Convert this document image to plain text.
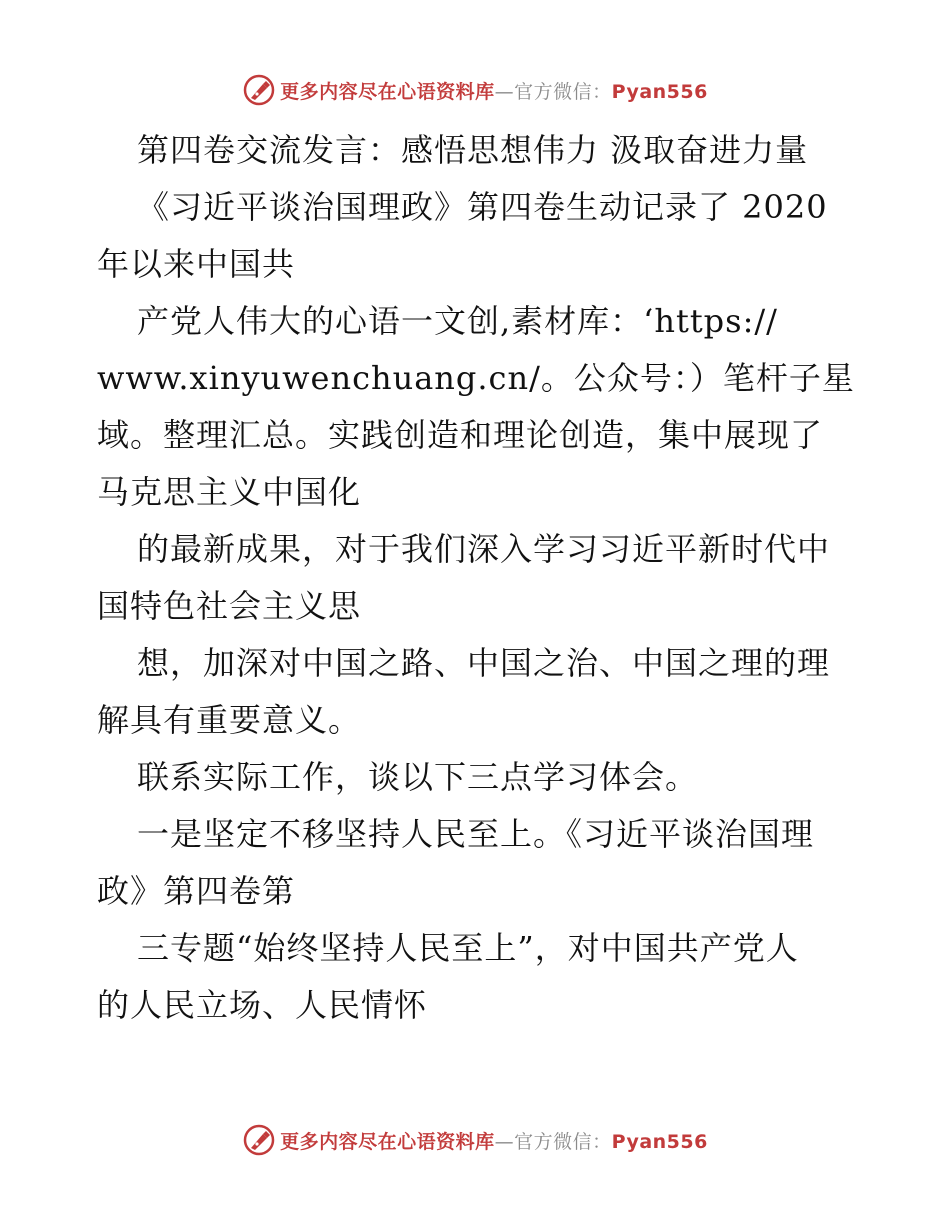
更多内容尽在心语资料库—官方微信：Pyan556
第四卷交流发言：感悟思想伟力 汲取奋进力量
《习近平谈治国理政》第四卷生动记录了 2020
年以来中国共
产党人伟大的心语一文创,素材库：‘https://
www.xinyuwenchuang.cn/。公众号：）笔杆子星
域。整理汇总。实践创造和理论创造，集中展现了
马克思主义中国化
的最新成果，对于我们深入学习习近平新时代中
国特色社会主义思
想，加深对中国之路、中国之治、中国之理的理
解具有重要意义。
联系实际工作，谈以下三点学习体会。
一是坚定不移坚持人民至上。《习近平谈治国理
政》第四卷第
三专题“始终坚持人民至上”，对中国共产党人
的人民立场、人民情怀
更多内容尽在心语资料库—官方微信：Pyan556
